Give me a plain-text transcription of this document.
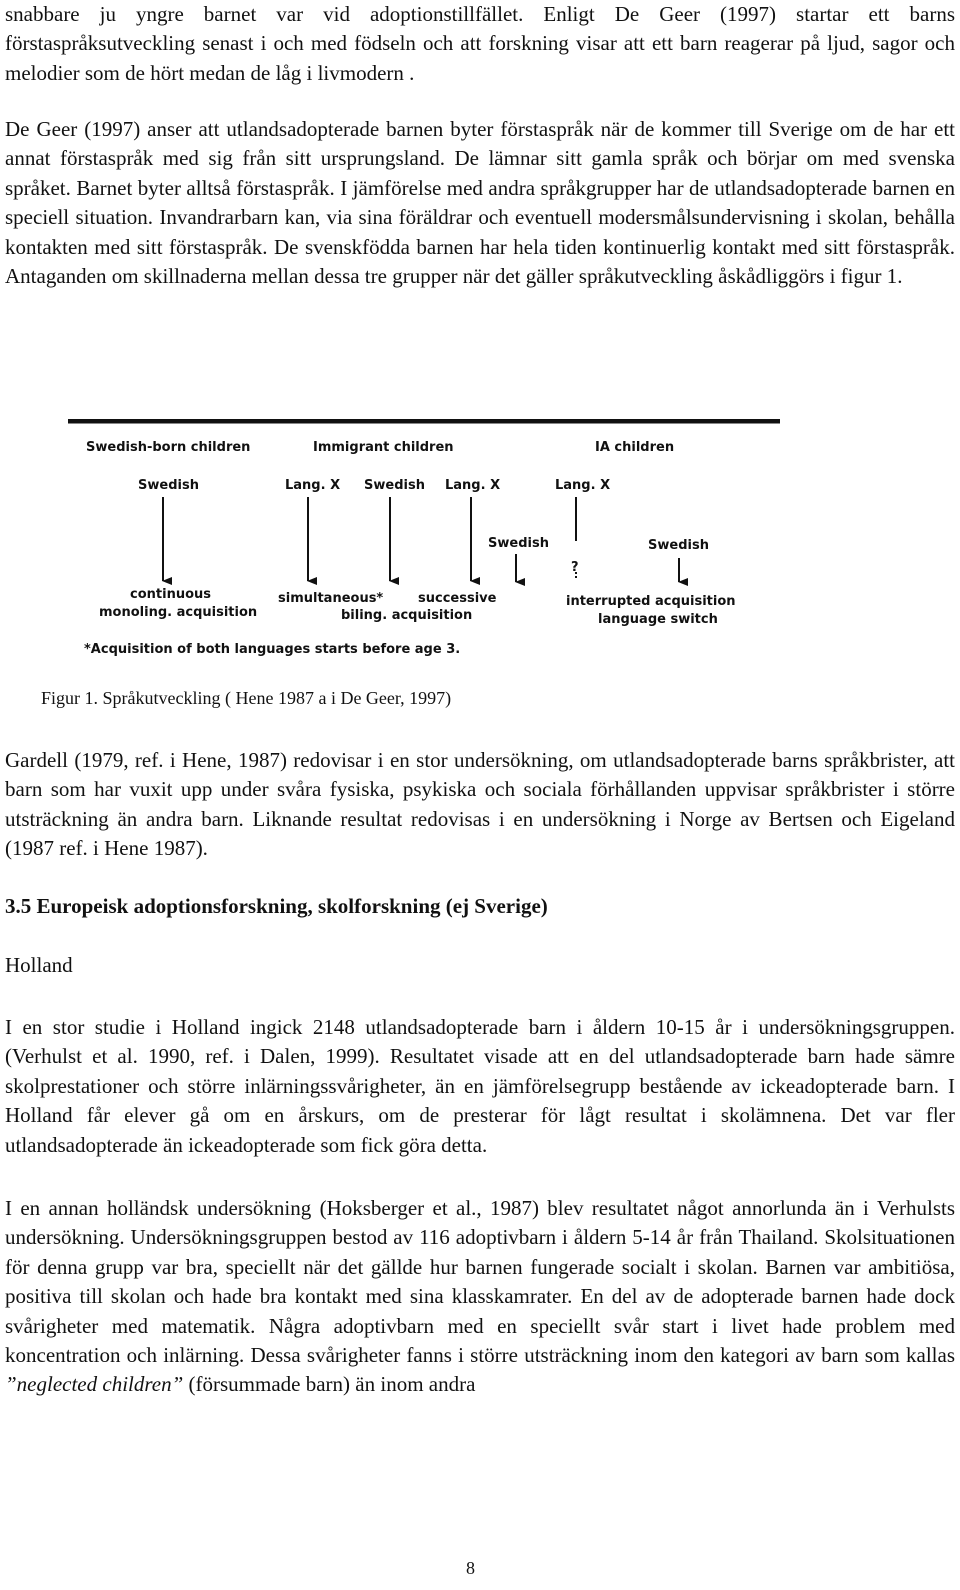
snabbare ju yngre barnet var vid adoptionstillfället. Enligt De Geer (1997) startar ett barns förstaspråksutveckling senast i och med födseln och att forskning visar att ett barn reagerar på ljud, sagor och melodier som de hört medan de låg i livmodern .

De Geer (1997) anser att utlandsadopterade barnen byter förstaspråk när de kommer till Sverige om de har ett annat förstaspråk med sig från sitt ursprungsland. De lämnar sitt gamla språk och börjar om med svenska språket. Barnet byter alltså förstaspråk. I jämförelse med andra språkgrupper har de utlandsadopterade barnen en speciell situation. Invandrarbarn kan, via sina föräldrar och eventuell modersmålsundervisning i skolan, behålla kontakten med sitt förstaspråk. De svenskfödda barnen har hela tiden kontinuerlig kontakt med sitt förstaspråk. Antaganden om skillnaderna mellan dessa tre grupper när det gäller språkutveckling åskådliggörs i figur 1.

Swedish-born children	Immigrant children	IA children
Swedish	Lang. X Swedish Lang. X	Lang. X
Swedish	Swedish
?
continuous
monoling. acquisition
simultaneous*	successive
biling. acquisition
interrupted acquisition
language switch
*Acquisition of both languages starts before age 3.
Figur 1. Språkutveckling ( Hene 1987 a i De Geer, 1997)

Gardell (1979, ref. i Hene, 1987) redovisar i en stor undersökning, om utlandsadopterade barns språkbrister, att barn som har vuxit upp under svåra fysiska, psykiska och sociala förhållanden uppvisar språkbrister i större utsträckning än andra barn. Liknande resultat redovisas i en undersökning i Norge av Bertsen och Eigeland (1987 ref. i Hene 1987).

3.5 Europeisk adoptionsforskning, skolforskning (ej Sverige)
Holland

I en stor studie i Holland ingick 2148 utlandsadopterade barn i åldern 10-15 år i undersökningsgruppen. (Verhulst et al. 1990, ref. i Dalen, 1999). Resultatet visade att en del utlandsadopterade barn hade sämre skolprestationer och större inlärningssvårigheter, än en jämförelsegrupp bestående av ickeadopterade barn. I Holland får elever gå om en årskurs, om de presterar för lågt resultat i skolämnena. Det var fler utlandsadopterade än ickeadopterade som fick göra detta.

I en annan holländsk undersökning (Hoksberger et al., 1987) blev resultatet något annorlunda än i Verhulsts undersökning. Undersökningsgruppen bestod av 116 adoptivbarn i åldern 5-14 år från Thailand. Skolsituationen för denna grupp var bra, speciellt när det gällde hur barnen fungerade socialt i skolan. Barnen var ambitiösa, positiva till skolan och hade bra kontakt med sina klasskamrater. En del av de adopterade barnen hade dock svårigheter med matematik. Några adoptivbarn med en speciellt svår start i livet hade problem med koncentration och inlärning. Dessa svårigheter fanns i större utsträckning inom den kategori av barn som kallas ”neglected children” (försummade barn) än inom andra

8
